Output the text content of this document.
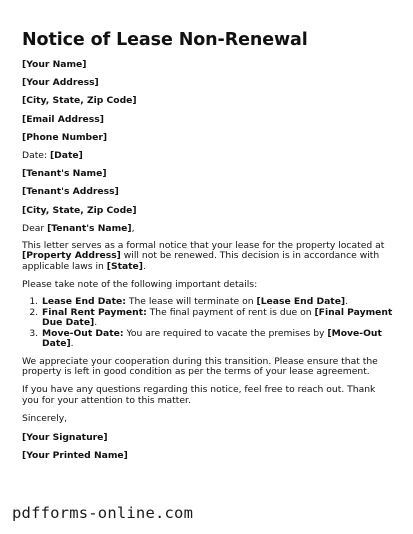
Notice of Lease Non-Renewal
[Your Name]
[Your Address]
[City, State, Zip Code]
[Email Address]
[Phone Number]
Date: [Date]
[Tenant's Name]
[Tenant's Address]
[City, State, Zip Code]
Dear [Tenant's Name],

This letter serves as a formal notice that your lease for the property located at [Property Address] will not be renewed. This decision is in accordance with applicable laws in [State].

Please take note of the following important details:

1. Lease End Date: The lease will terminate on [Lease End Date].
2. Final Rent Payment: The final payment of rent is due on [Final Payment Due Date].
3. Move-Out Date: You are required to vacate the premises by [Move-Out Date].

We appreciate your cooperation during this transition. Please ensure that the property is left in good condition as per the terms of your lease agreement.

If you have any questions regarding this notice, feel free to reach out. Thank you for your attention to this matter.

Sincerely,
[Your Signature]
[Your Printed Name]
pdfforms-online.com
